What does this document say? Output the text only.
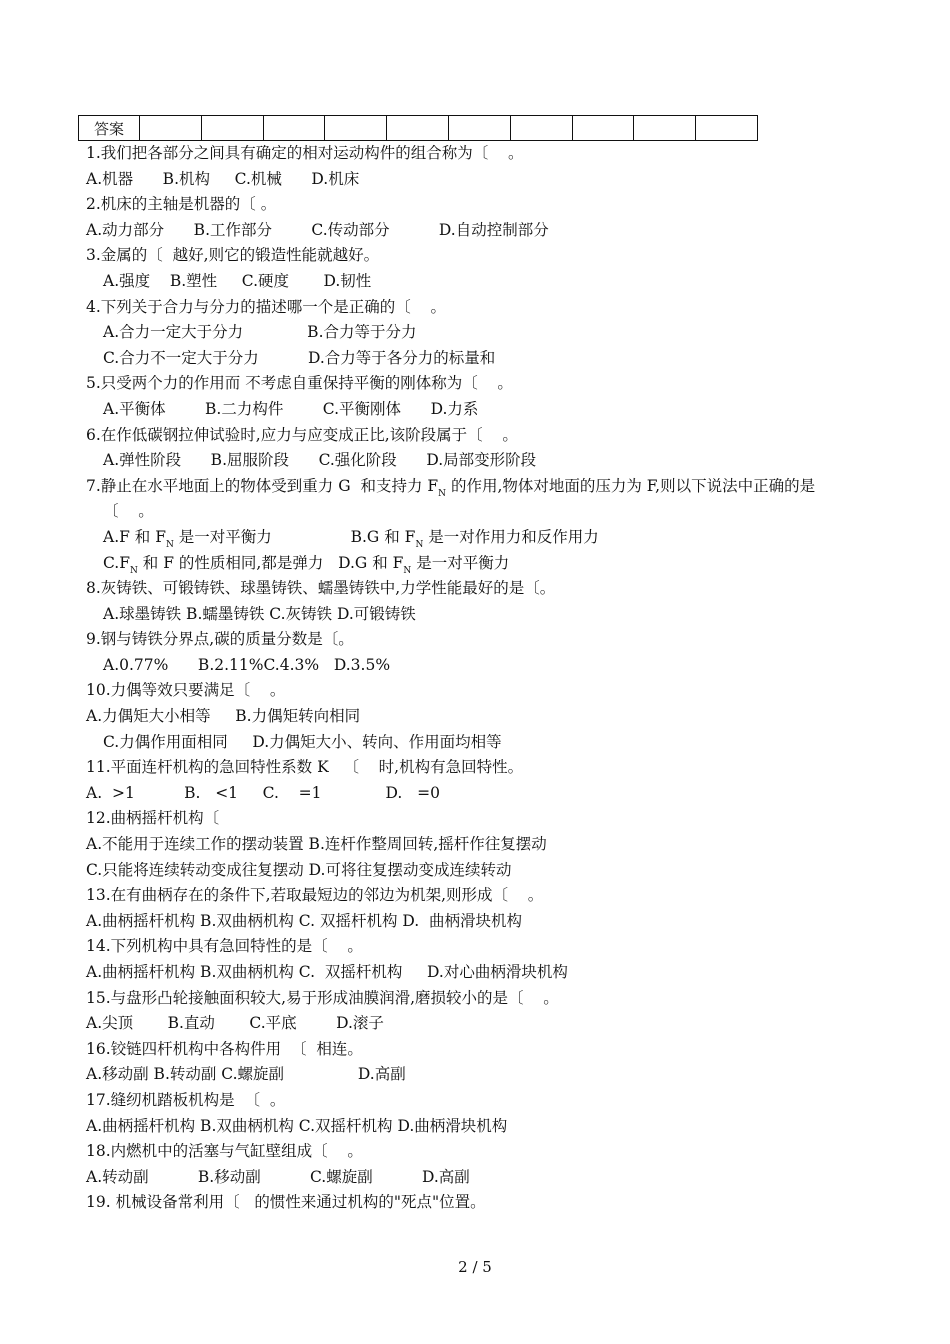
答案										
1.我们把各部分之间具有确定的相对运动构件的组合称为〔    。
A.机器      B.机构     C.机械      D.机床
2.机床的主轴是机器的〔 。
A.动力部分      B.工作部分        C.传动部分          D.自动控制部分
3.金属的〔  越好,则它的锻造性能就越好。
A.强度    B.塑性     C.硬度       D.韧性
4.下列关于合力与分力的描述哪一个是正确的〔    。
A.合力一定大于分力             B.合力等于分力
C.合力不一定大于分力          D.合力等于各分力的标量和
5.只受两个力的作用而 不考虑自重保持平衡的刚体称为〔    。
A.平衡体        B.二力构件        C.平衡刚体      D.力系
6.在作低碳钢拉伸试验时,应力与应变成正比,该阶段属于〔    。
A.弹性阶段      B.屈服阶段      C.强化阶段      D.局部变形阶段
7.静止在水平地面上的物体受到重力 G  和支持力 $F_N$ 的作用,物体对地面的压力为 F,则以下说法中正确的是
〔    。
A.F 和 $F_N$ 是一对平衡力                B.G 和 $F_N$ 是一对作用力和反作用力
$C.F_N$ 和 F 的性质相同,都是弹力   D.G 和 $F_N$ 是一对平衡力
8.灰铸铁、可锻铸铁、球墨铸铁、蠕墨铸铁中,力学性能最好的是〔。
A.球墨铸铁 B.蠕墨铸铁 C.灰铸铁 D.可锻铸铁
9.钢与铸铁分界点,碳的质量分数是〔。
A.0.77%      B.2.11%C.4.3%   D.3.5%
10.力偶等效只要满足〔    。
A.力偶矩大小相等     B.力偶矩转向相同
C.力偶作用面相同     D.力偶矩大小、转向、作用面均相等
11.平面连杆机构的急回特性系数 K   〔    时,机构有急回特性。
A.  >1          B.   <1     C.    =1             D.   =0
12.曲柄摇杆机构〔
A.不能用于连续工作的摆动装置 B.连杆作整周回转,摇杆作往复摆动
C.只能将连续转动变成往复摆动 D.可将往复摆动变成连续转动
13.在有曲柄存在的条件下,若取最短边的邻边为机架,则形成〔    。
A.曲柄摇杆机构 B.双曲柄机构 C. 双摇杆机构 D.  曲柄滑块机构
14.下列机构中具有急回特性的是〔    。
A.曲柄摇杆机构 B.双曲柄机构 C.  双摇杆机构     D.对心曲柄滑块机构
15.与盘形凸轮接触面积较大,易于形成油膜润滑,磨损较小的是〔    。
A.尖顶       B.直动       C.平底        D.滚子
16.铰链四杆机构中各构件用  〔  相连。
A.移动副 B.转动副 C.螺旋副               D.高副
17.缝纫机踏板机构是  〔  。
A.曲柄摇杆机构 B.双曲柄机构 C.双摇杆机构 D.曲柄滑块机构
18.内燃机中的活塞与气缸壁组成〔    。
A.转动副          B.移动副          C.螺旋副          D.高副
19. 机械设备常利用〔   的惯性来通过机构的"死点"位置。
2 / 5
